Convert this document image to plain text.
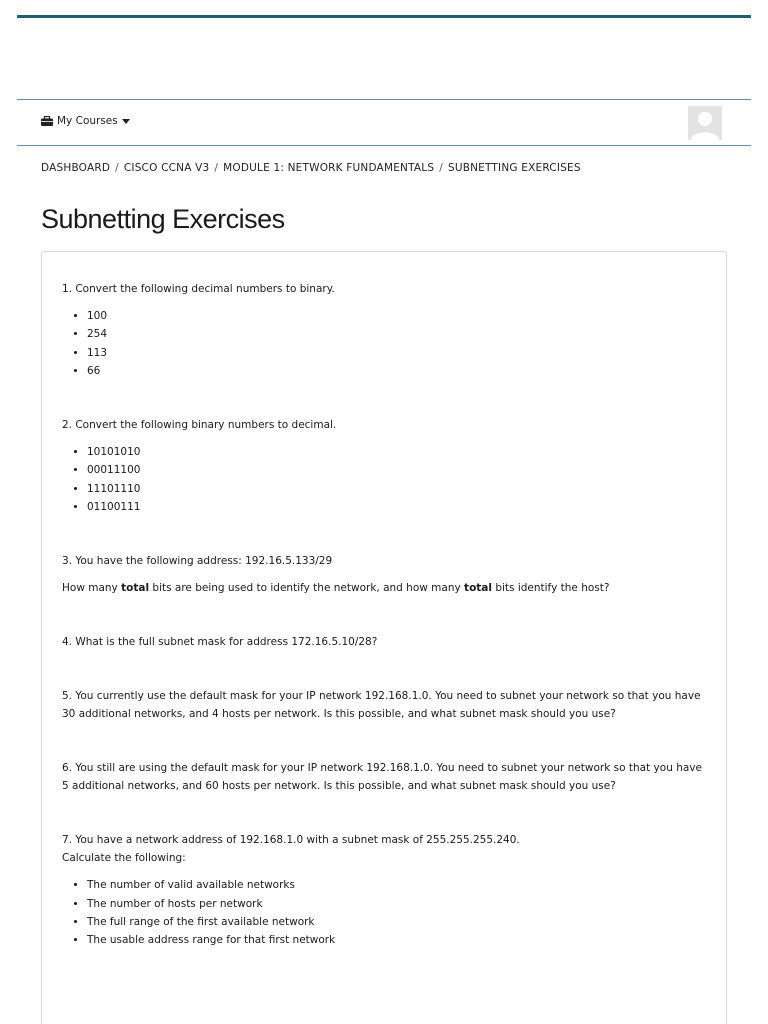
My Courses
DASHBOARD / CISCO CCNA V3 / MODULE 1: NETWORK FUNDAMENTALS / SUBNETTING EXERCISES
Subnetting Exercises

1. Convert the following decimal numbers to binary.

• 100
• 254
• 113
• 66

2. Convert the following binary numbers to decimal.

• 10101010
• 00011100
• 11101110
• 01100111

3. You have the following address: 192.16.5.133/29

How many total bits are being used to identify the network, and how many total bits identify the host?

4. What is the full subnet mask for address 172.16.5.10/28?

5. You currently use the default mask for your IP network 192.168.1.0. You need to subnet your network so that you have 30 additional networks, and 4 hosts per network. Is this possible, and what subnet mask should you use?

6. You still are using the default mask for your IP network 192.168.1.0. You need to subnet your network so that you have 5 additional networks, and 60 hosts per network. Is this possible, and what subnet mask should you use?

7. You have a network address of 192.168.1.0 with a subnet mask of 255.255.255.240.

Calculate the following:

• The number of valid available networks
• The number of hosts per network
• The full range of the first available network
• The usable address range for that first network
